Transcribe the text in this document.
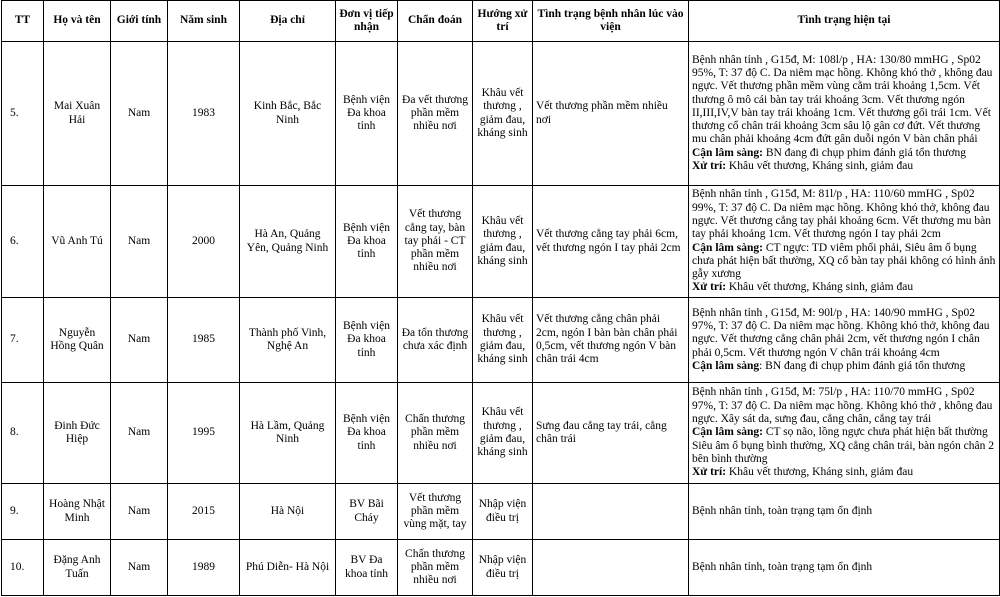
TT	Họ và tên	Giới tính	Năm sinh	Địa chỉ	Đơn vị tiếp nhận	Chẩn đoán	Hướng xử trí	Tình trạng bệnh nhân lúc vào viện	Tình trạng hiện tại
5.	Mai Xuân Hải	Nam	1983	Kinh Bắc, Bắc Ninh	Bệnh viện Đa khoa tỉnh	Đa vết thương phần mềm nhiều nơi	Khâu vết thương , giảm đau, kháng sinh	Vết thương phần mềm nhiều nơi	Bệnh nhân tỉnh , G15đ, M: 108l/p , HA: 130/80 mmHG , Sp02 95%, T: 37 độ C. Da niêm mạc hồng. Không khó thở , không đau ngực. Vết thương phần mềm vùng cằm trái khoảng 1,5cm. Vết thương ô mô cái bàn tay trái khoảng 3cm. Vết thương ngón II,III,IV,V bàn tay trái khoảng 1cm. Vết thương gối trái 1cm. Vết thương cổ chân trái khoảng 3cm sâu lộ gân cơ đứt. Vết thương mu chân phải khoảng 4cm đứt gân duỗi ngón V bàn chân phải
Cận lâm sàng: BN đang đi chụp phim đánh giá tổn thương
Xử trí: Khâu vết thương, Kháng sinh, giảm đau

6.	Vũ Anh Tú	Nam	2000	Hà An, Quảng Yên, Quảng Ninh	Bệnh viện Đa khoa tỉnh	Vết thương cẳng tay, bàn tay phải - CT phần mềm nhiều nơi	Khâu vết thương , giảm đau, kháng sinh	Vết thương cẳng tay phải 6cm, vết thương ngón I tay phải 2cm	Bệnh nhân tỉnh , G15đ, M: 81l/p , HA: 110/60 mmHG , Sp02 99%, T: 37 độ C. Da niêm mạc hồng. Không khó thở, không đau ngực. Vết thương cẳng tay phải khoảng 6cm. Vết thương mu bàn tay phải khoảng 1cm. Vết thương ngón I tay phải 2cm
Cận lâm sàng: CT ngực: TD viêm phổi phải, Siêu âm ổ bụng chưa phát hiện bất thường, XQ cổ bàn tay phải không có hình ảnh gẫy xương
Xử trí: Khâu vết thương, Kháng sinh, giảm đau

7.	Nguyễn Hồng Quân	Nam	1985	Thành phố Vinh, Nghệ An	Bệnh viện Đa khoa tỉnh	Đa tổn thương chưa xác định	Khâu vết thương , giảm đau, kháng sinh	Vết thương cẳng chân phải 2cm, ngón I bàn bàn chân phải 0,5cm, vết thương ngón V bàn chân trái 4cm	Bệnh nhân tỉnh , G15đ, M: 90l/p , HA: 140/90 mmHG , Sp02 97%, T: 37 độ C. Da niêm mạc hồng. Không khó thở, không đau ngực. Vết thương cẳng chân phải 2cm, vết thương ngón I chân phải 0,5cm. Vết thương ngón V chân trái khoảng 4cm
Cận lâm sàng: BN đang đi chụp phim đánh giá tổn thương

8.	Đinh Đức Hiệp	Nam	1995	Hà Lầm, Quảng Ninh	Bệnh viện Đa khoa tỉnh	Chấn thương phần mềm nhiều nơi	Khâu vết thương , giảm đau, kháng sinh	Sưng đau cẳng tay trái, cẳng chân trái	Bệnh nhân tỉnh , G15đ, M: 75l/p , HA: 110/70 mmHG , Sp02 97%, T: 37 độ C. Da niêm mạc hồng. Không khó thở , không đau ngực. Xây sát da, sưng đau, cẳng chân, cẳng tay trái
Cận lâm sàng: CT sọ não, lồng ngực chưa phát hiện bất thường Siêu âm ổ bụng bình thường, XQ cẳng chân trái, bàn ngón chân 2 bên bình thường
Xử trí: Khâu vết thương, Kháng sinh, giảm đau

9.	Hoàng Nhật Minh	Nam	2015	Hà Nội	BV Bãi Cháy	Vết thương phần mềm vùng mặt, tay	Nhập viện điều trị		Bệnh nhân tỉnh, toàn trạng tạm ổn định
10.	Đặng Anh Tuấn	Nam	1989	Phú Diễn- Hà Nội	BV Đa khoa tỉnh	Chấn thương phần mềm nhiều nơi	Nhập viện điều trị		Bệnh nhân tỉnh, toàn trạng tạm ổn định
